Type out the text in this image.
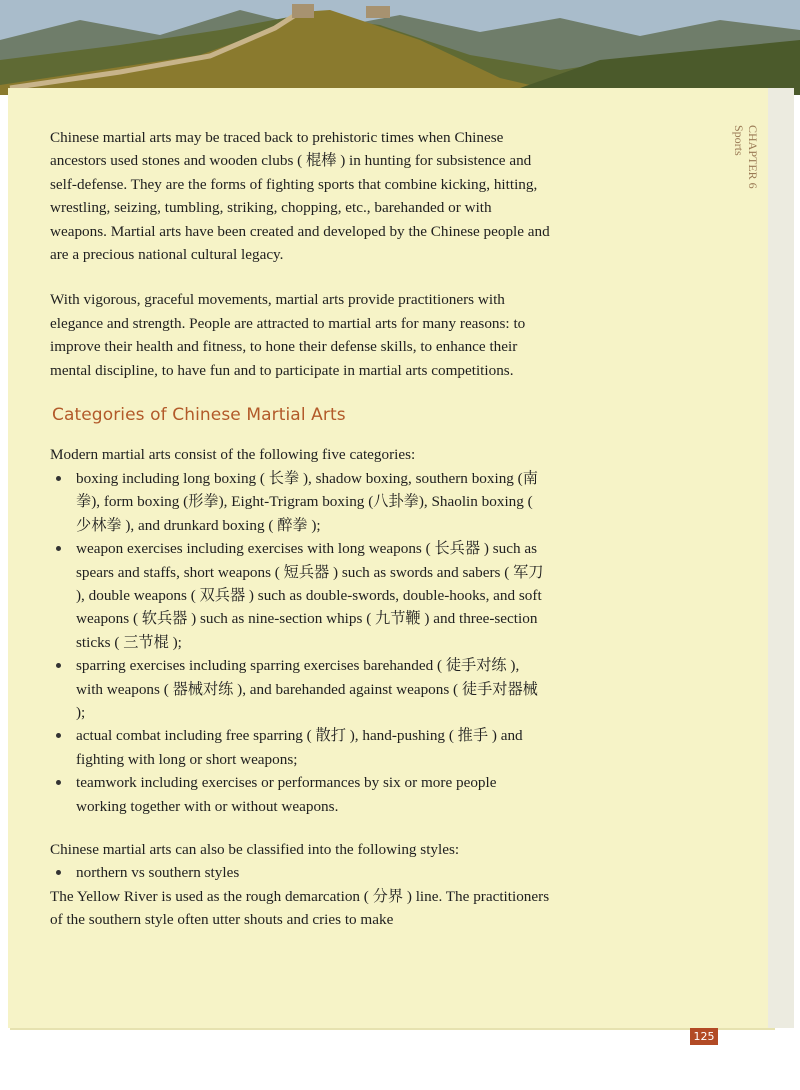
CHAPTER 6
Sports

Chinese martial arts may be traced back to prehistoric times when Chinese ancestors used stones and wooden clubs ( 棍棒 ) in hunting for subsistence and self-defense. They are the forms of fighting sports that combine kicking, hitting, wrestling, seizing, tumbling, striking, chopping, etc., barehanded or with weapons. Martial arts have been created and developed by the Chinese people and are a precious national cultural legacy.

With vigorous, graceful movements, martial arts provide practitioners with elegance and strength. People are attracted to martial arts for many reasons: to improve their health and fitness, to hone their defense skills, to enhance their mental discipline, to have fun and to participate in martial arts competitions.

Categories of Chinese Martial Arts

Modern martial arts consist of the following five categories:

boxing including long boxing ( 长拳 ), shadow boxing, southern boxing (南拳), form boxing (形拳), Eight-Trigram boxing (八卦拳), Shaolin boxing ( 少林拳 ), and drunkard boxing ( 醉拳 );
weapon exercises including exercises with long weapons ( 长兵器 ) such as spears and staffs, short weapons ( 短兵器 ) such as swords and sabers ( 军刀 ), double weapons ( 双兵器 ) such as double-swords, double-hooks, and soft weapons ( 软兵器 ) such as nine-section whips ( 九节鞭 ) and three-section sticks ( 三节棍 );
sparring exercises including sparring exercises barehanded ( 徒手对练 ), with weapons ( 器械对练 ), and barehanded against weapons ( 徒手对器械 );
actual combat including free sparring ( 散打 ), hand-pushing ( 推手 ) and fighting with long or short weapons;
teamwork including exercises or performances by six or more people working together with or without weapons.

Chinese martial arts can also be classified into the following styles:

northern vs southern styles

The Yellow River is used as the rough demarcation ( 分界 ) line. The practitioners of the southern style often utter shouts and cries to make

125
